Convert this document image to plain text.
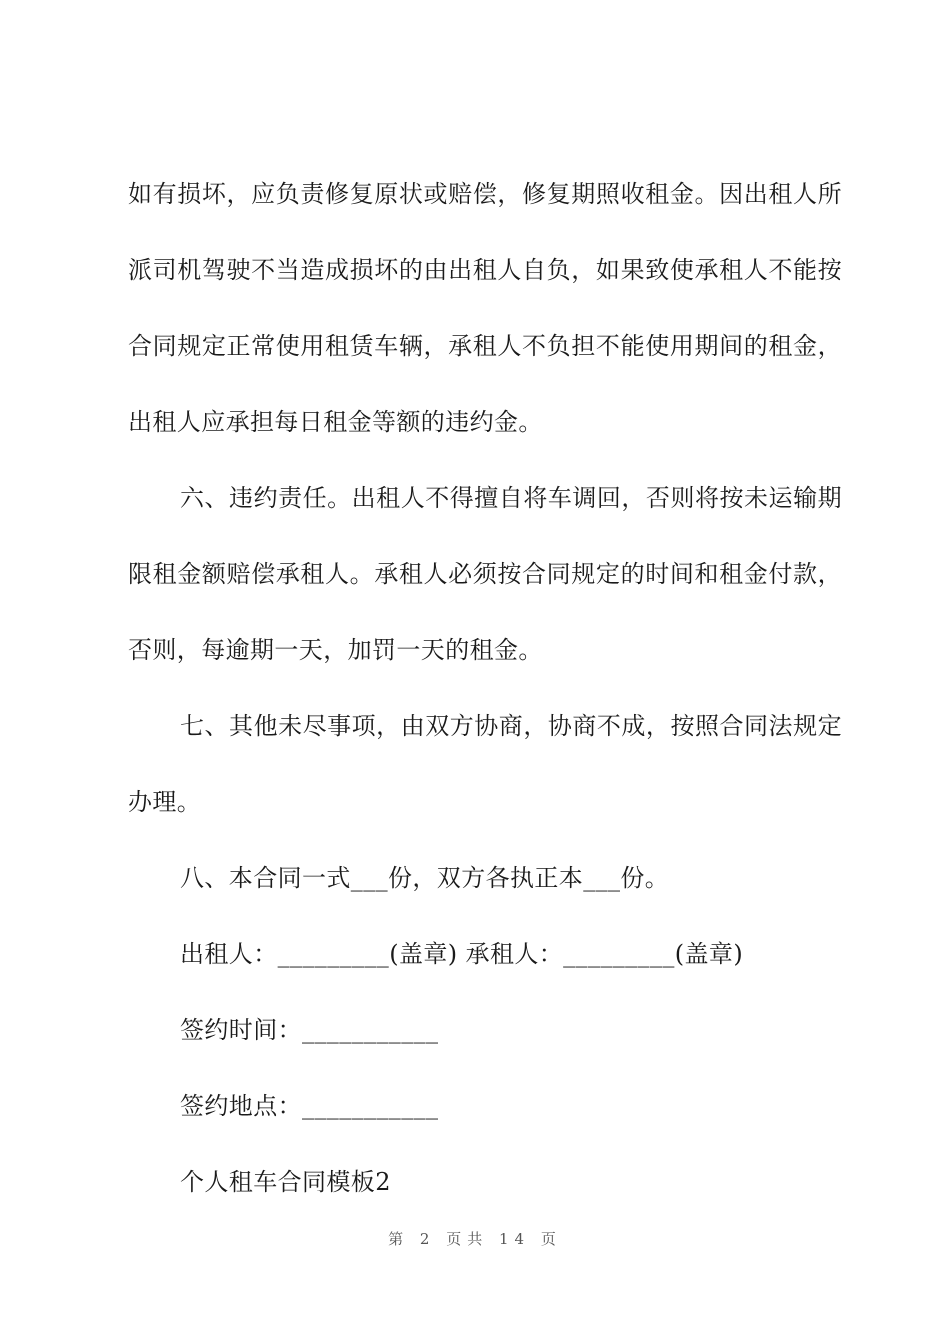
如有损坏，应负责修复原状或赔偿，修复期照收租金。因出租人所派司机驾驶不当造成损坏的由出租人自负，如果致使承租人不能按合同规定正常使用租赁车辆，承租人不负担不能使用期间的租金，出租人应承担每日租金等额的违约金。

六、违约责任。出租人不得擅自将车调回，否则将按未运输期限租金额赔偿承租人。承租人必须按合同规定的时间和租金付款，否则，每逾期一天，加罚一天的租金。

七、其他未尽事项，由双方协商，协商不成，按照合同法规定办理。

八、本合同一式___份，双方各执正本___份。

出租人：_________(盖章) 承租人：_________(盖章)

签约时间：___________

签约地点：___________

个人租车合同模板2

第 2 页共 14 页
